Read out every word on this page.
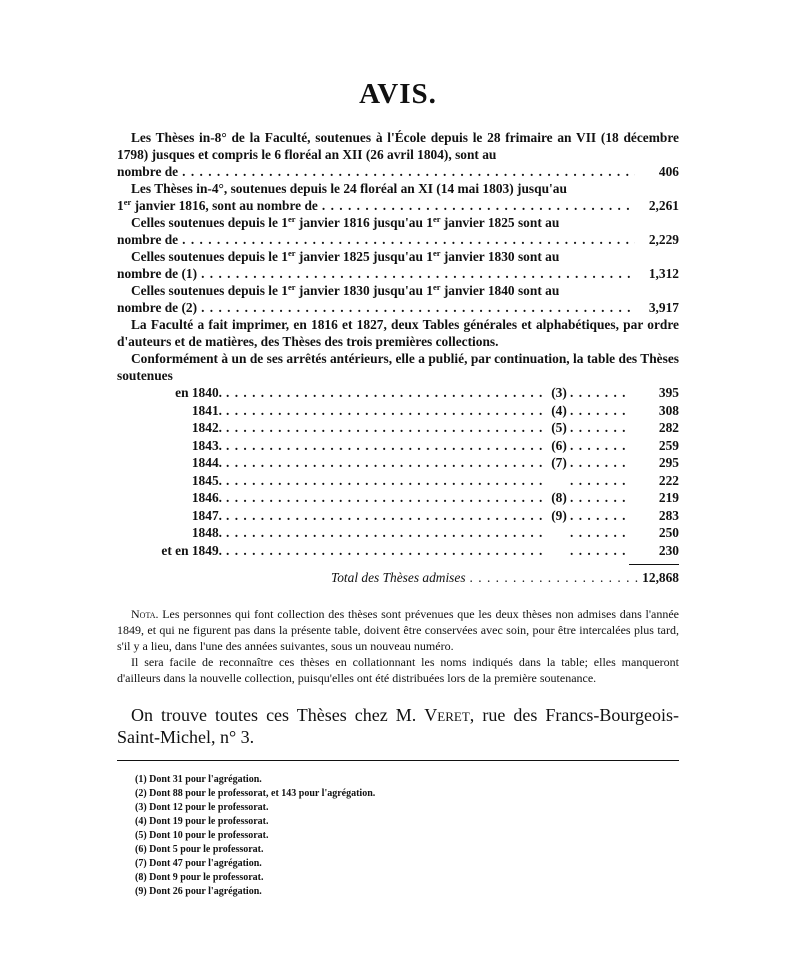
AVIS.
Les Thèses in-8° de la Faculté, soutenues à l'École depuis le 28 frimaire an VII (18 décembre 1798) jusques et compris le 6 floréal an XII (26 avril 1804), sont au
nombre de . . .	406
Les Thèses in-4°, soutenues depuis le 24 floréal an XI (14 mai 1803) jusqu'au
1er janvier 1816, sont au nombre de . . .	2,261
Celles soutenues depuis le 1er janvier 1816 jusqu'au 1er janvier 1825 sont au
nombre de . . .	2,229
Celles soutenues depuis le 1er janvier 1825 jusqu'au 1er janvier 1830 sont au
nombre de (1) . . .	1,312
Celles soutenues depuis le 1er janvier 1830 jusqu'au 1er janvier 1840 sont au
nombre de (2) . . .	3,917
La Faculté a fait imprimer, en 1816 et 1827, deux Tables générales et alphabétiques, par ordre d'auteurs et de matières, des Thèses des trois premières collections.
Conformément à un de ses arrêtés antérieurs, elle a publié, par continuation, la table des Thèses soutenues
en 1840. . . .	(3) . . .	395
1841. . . .	(4) . . .	308
1842. . . .	(5) . . .	282
1843. . . .	(6) . . .	259
1844. . . .	(7) . . .	295
1845. . . . . . .	222
1846. . . .	(8) . . .	219
1847. . . .	(9) . . .	283
1848. . . . . . .	250
et en 1849. . . . . . .	230
Total des Thèses admises . . .	12,868

Nota. Les personnes qui font collection des thèses sont prévenues que les deux thèses non admises dans l'année 1849, et qui ne figurent pas dans la présente table, doivent être conservées avec soin, pour être intercalées plus tard, s'il y a lieu, dans l'une des années suivantes, sous un nouveau numéro.

Il sera facile de reconnaître ces thèses en collationnant les noms indiqués dans la table; elles manqueront d'ailleurs dans la nouvelle collection, puisqu'elles ont été distribuées lors de la première soutenance.

On trouve toutes ces Thèses chez M. Veret, rue des Francs-Bourgeois-Saint-Michel, n° 3.
(1) Dont 31 pour l'agrégation.
(2) Dont 88 pour le professorat, et 143 pour l'agrégation.
(3) Dont 12 pour le professorat.
(4) Dont 19 pour le professorat.
(5) Dont 10 pour le professorat.
(6) Dont 5 pour le professorat.
(7) Dont 47 pour l'agrégation.
(8) Dont 9 pour le professorat.
(9) Dont 26 pour l'agrégation.
